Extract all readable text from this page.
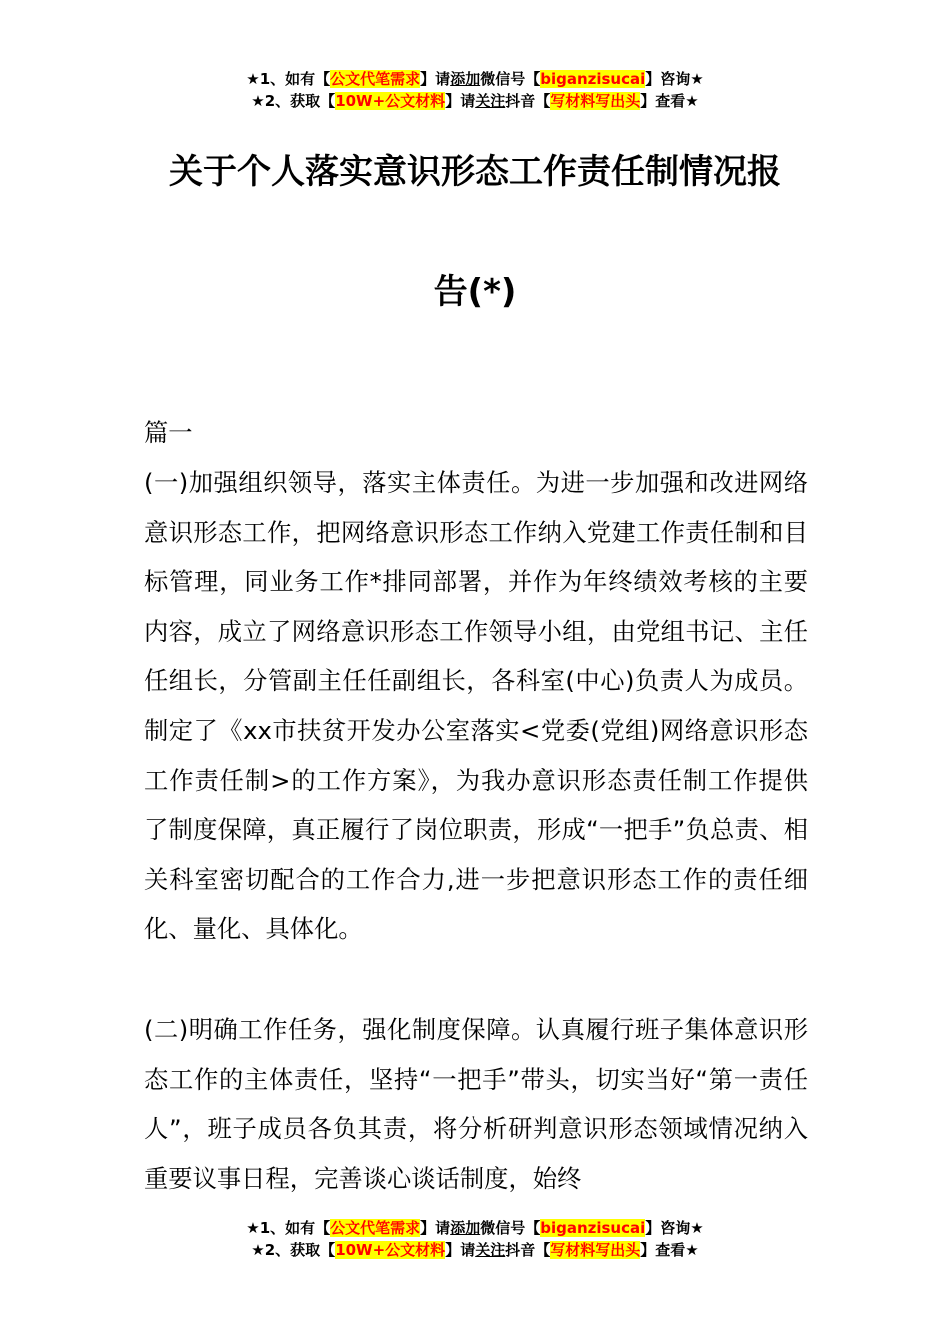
★1、如有【公文代笔需求】请添加微信号【biganzisucai】咨询★
★2、获取【10W+公文材料】请关注抖音【写材料写出头】查看★
关于个人落实意识形态工作责任制情况报
告(*)

篇一

(一)加强组织领导，落实主体责任。为进一步加强和改进网络意识形态工作，把网络意识形态工作纳入党建工作责任制和目标管理，同业务工作*排同部署，并作为年终绩效考核的主要内容，成立了网络意识形态工作领导小组，由党组书记、主任任组长，分管副主任任副组长，各科室(中心)负责人为成员。制定了《xx市扶贫开发办公室落实<党委(党组)网络意识形态工作责任制>的工作方案》，为我办意识形态责任制工作提供了制度保障，真正履行了岗位职责，形成“一把手”负总责、相关科室密切配合的工作合力,进一步把意识形态工作的责任细化、量化、具体化。

(二)明确工作任务，强化制度保障。认真履行班子集体意识形态工作的主体责任，坚持“一把手”带头，切实当好“第一责任人”，班子成员各负其责，将分析研判意识形态领域情况纳入重要议事日程，完善谈心谈话制度，始终

★1、如有【公文代笔需求】请添加微信号【biganzisucai】咨询★
★2、获取【10W+公文材料】请关注抖音【写材料写出头】查看★
